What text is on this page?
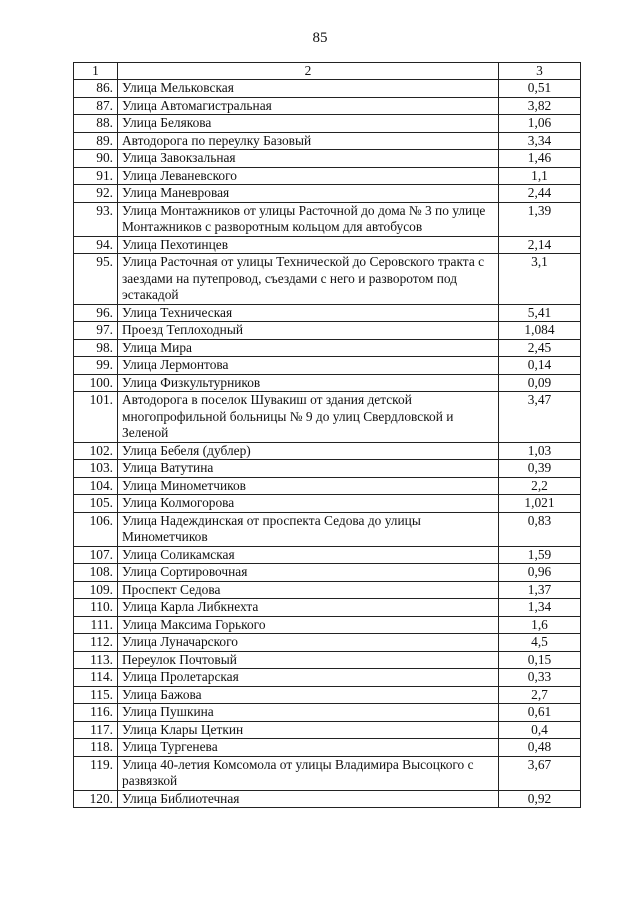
85
1	2	3
86.	Улица Мельковская	0,51
87.	Улица Автомагистральная	3,82
88.	Улица Белякова	1,06
89.	Автодорога по переулку Базовый	3,34
90.	Улица Завокзальная	1,46
91.	Улица Леваневского	1,1
92.	Улица Маневровая	2,44
93.	Улица Монтажников от улицы Расточной до дома № 3 по улице Монтажников с разворотным кольцом для автобусов	1,39
94.	Улица Пехотинцев	2,14
95.	Улица Расточная от улицы Технической до Серовского тракта с заездами на путепровод, съездами с него и разворотом под эстакадой	3,1
96.	Улица Техническая	5,41
97.	Проезд Теплоходный	1,084
98.	Улица Мира	2,45
99.	Улица Лермонтова	0,14
100.	Улица Физкультурников	0,09
101.	Автодорога в поселок Шувакиш от здания детской многопрофильной больницы № 9 до улиц Свердловской и Зеленой	3,47
102.	Улица Бебеля (дублер)	1,03
103.	Улица Ватутина	0,39
104.	Улица Минометчиков	2,2
105.	Улица Колмогорова	1,021
106.	Улица Надеждинская от проспекта Седова до улицы Минометчиков	0,83
107.	Улица Соликамская	1,59
108.	Улица Сортировочная	0,96
109.	Проспект Седова	1,37
110.	Улица Карла Либкнехта	1,34
111.	Улица Максима Горького	1,6
112.	Улица Луначарского	4,5
113.	Переулок Почтовый	0,15
114.	Улица Пролетарская	0,33
115.	Улица Бажова	2,7
116.	Улица Пушкина	0,61
117.	Улица Клары Цеткин	0,4
118.	Улица Тургенева	0,48
119.	Улица 40-летия Комсомола от улицы Владимира Высоцкого с развязкой	3,67
120.	Улица Библиотечная	0,92
